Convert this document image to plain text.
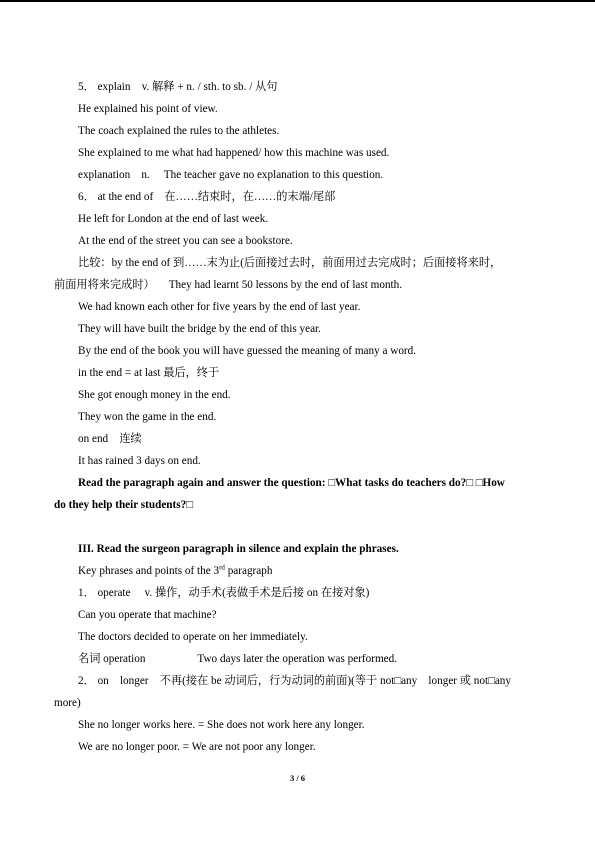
5． explain　v. 解释 + n. / sth. to sb. / 从句
He explained his point of view.
The coach explained the rules to the athletes.
She explained to me what had happened/ how this machine was used.
explanation　n. The teacher gave no explanation to this question.
6． at the end of　在……结束时，在……的末端/尾部
He left for London at the end of last week.
At the end of the street you can see a bookstore.
比较：by the end of 到……末为止(后面接过去时，前面用过去完成时；后面接将来时，
前面用将来完成时） They had learnt 50 lessons by the end of last month.
We had known each other for five years by the end of last year.
They will have built the bridge by the end of this year.
By the end of the book you will have guessed the meaning of many a word.
in the end = at last 最后，终于
She got enough money in the end.
They won the game in the end.
on end　连续
It has rained 3 days on end.
Read the paragraph again and answer the question: □What tasks do teachers do?□ □How
do they help their students?□
III. Read the surgeon paragraph in silence and explain the phrases.
Key phrases and points of the 3rd paragraph
1． operate　 v. 操作，动手术(表做手术是后接 on 在接对象)
Can you operate that machine?
The doctors decided to operate on her immediately.
名词 operation	Two days later the operation was performed.
2． on　longer　不再(接在 be 动词后，行为动词的前面)(等于 not□any　longer 或 not□any
more)
She no longer works here. = She does not work here any longer.
We are no longer poor. = We are not poor any longer.
3 / 6
